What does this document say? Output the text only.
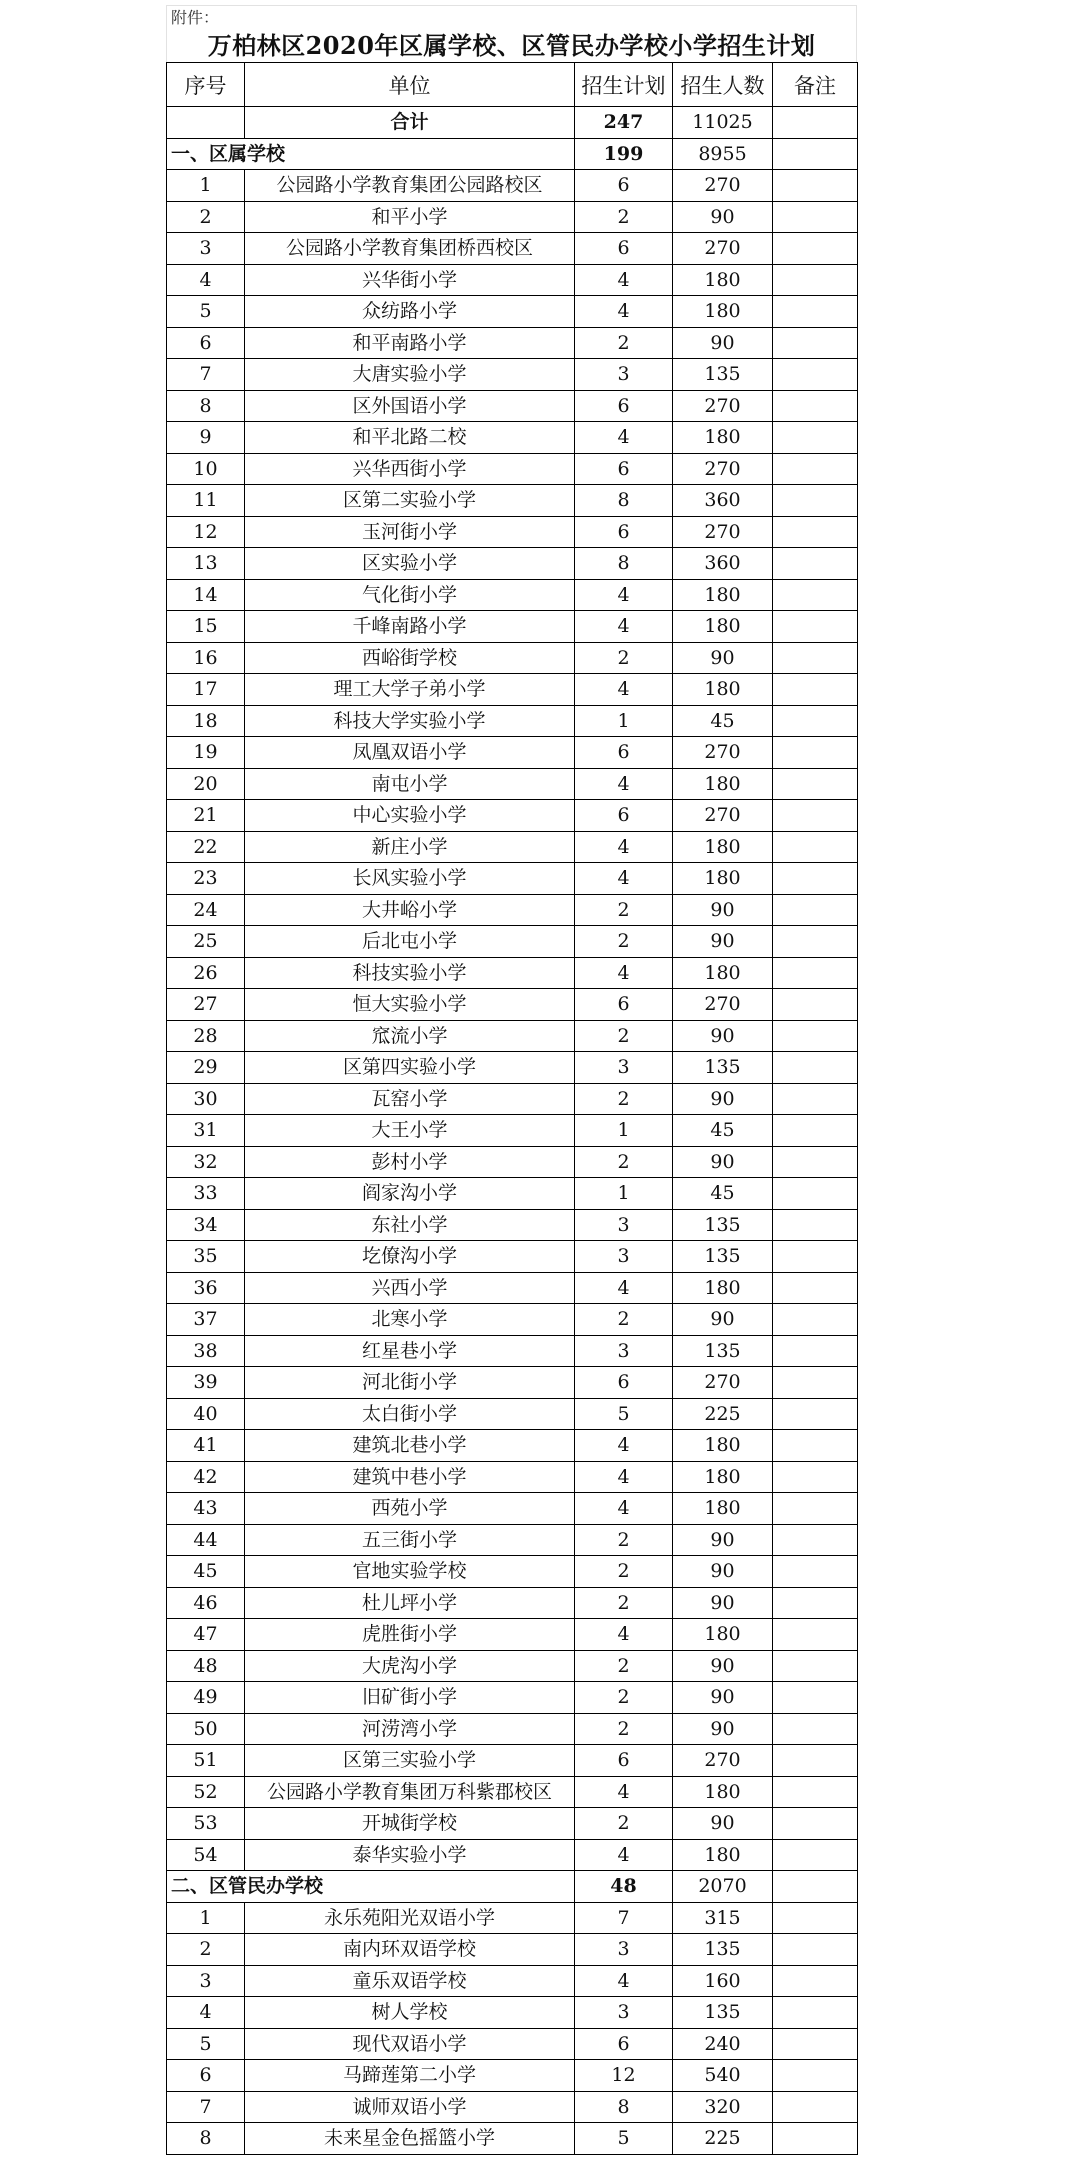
附件：
万柏林区2020年区属学校、区管民办学校小学招生计划
序号	单位	招生计划	招生人数	备注
	合计	247	11025	
一、区属学校		199	8955	
1	公园路小学教育集团公园路校区	6	270	
2	和平小学	2	90	
3	公园路小学教育集团桥西校区	6	270	
4	兴华街小学	4	180	
5	众纺路小学	4	180	
6	和平南路小学	2	90	
7	大唐实验小学	3	135	
8	区外国语小学	6	270	
9	和平北路二校	4	180	
10	兴华西街小学	6	270	
11	区第二实验小学	8	360	
12	玉河街小学	6	270	
13	区实验小学	8	360	
14	气化街小学	4	180	
15	千峰南路小学	4	180	
16	西峪街学校	2	90	
17	理工大学子弟小学	4	180	
18	科技大学实验小学	1	45	
19	凤凰双语小学	6	270	
20	南屯小学	4	180	
21	中心实验小学	6	270	
22	新庄小学	4	180	
23	长风实验小学	4	180	
24	大井峪小学	2	90	
25	后北屯小学	2	90	
26	科技实验小学	4	180	
27	恒大实验小学	6	270	
28	窊流小学	2	90	
29	区第四实验小学	3	135	
30	瓦窑小学	2	90	
31	大王小学	1	45	
32	彭村小学	2	90	
33	阎家沟小学	1	45	
34	东社小学	3	135	
35	圪僚沟小学	3	135	
36	兴西小学	4	180	
37	北寒小学	2	90	
38	红星巷小学	3	135	
39	河北街小学	6	270	
40	太白街小学	5	225	
41	建筑北巷小学	4	180	
42	建筑中巷小学	4	180	
43	西苑小学	4	180	
44	五三街小学	2	90	
45	官地实验学校	2	90	
46	杜儿坪小学	2	90	
47	虎胜街小学	4	180	
48	大虎沟小学	2	90	
49	旧矿街小学	2	90	
50	河涝湾小学	2	90	
51	区第三实验小学	6	270	
52	公园路小学教育集团万科紫郡校区	4	180	
53	开城街学校	2	90	
54	泰华实验小学	4	180	
二、区管民办学校		48	2070	
1	永乐苑阳光双语小学	7	315	
2	南内环双语学校	3	135	
3	童乐双语学校	4	160	
4	树人学校	3	135	
5	现代双语小学	6	240	
6	马蹄莲第二小学	12	540	
7	诚师双语小学	8	320	
8	未来星金色摇篮小学	5	225	
